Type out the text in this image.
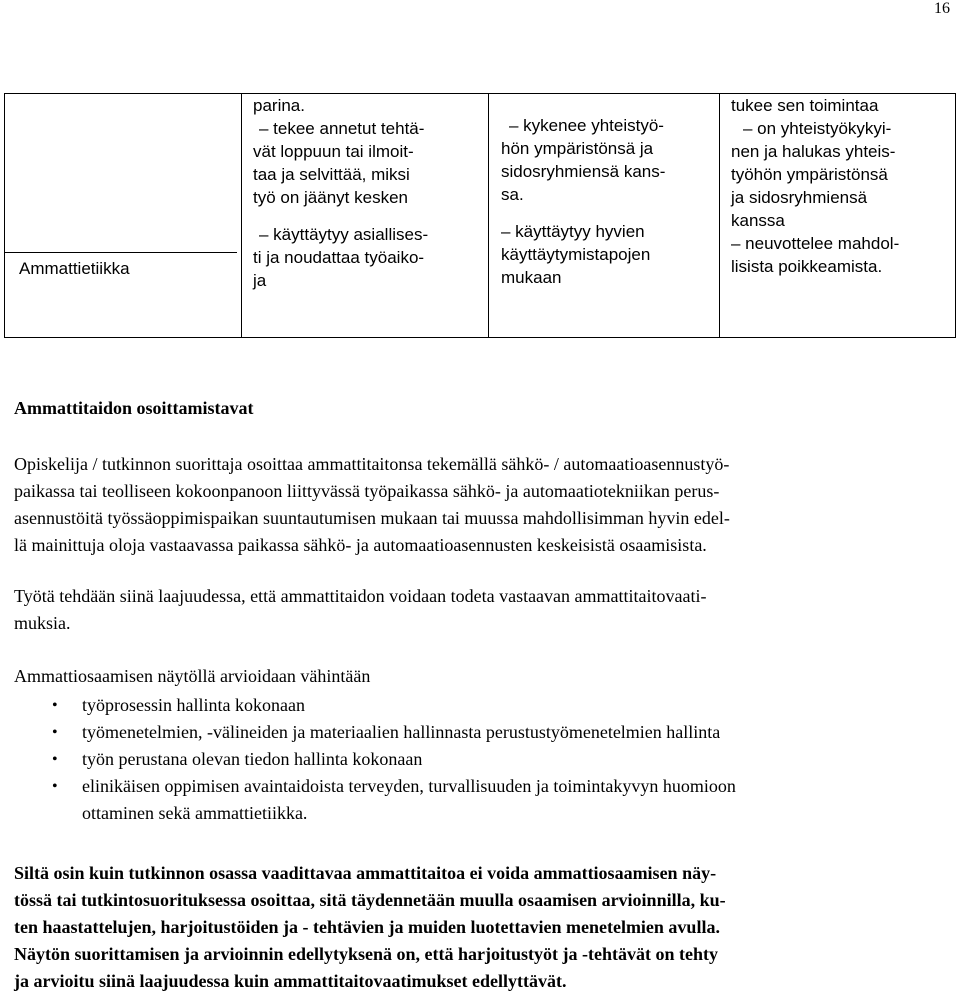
16
Ammattietiikka
parina.
– tekee annetut tehtä-
vät loppuun tai ilmoit-
taa ja selvittää, miksi
työ on jäänyt kesken
– käyttäytyy asiallises-
ti ja noudattaa työaiko-
ja
– kykenee yhteistyö-
hön ympäristönsä ja
sidosryhmiensä kans-
sa.
– käyttäytyy hyvien
käyttäytymistapojen
mukaan
tukee sen toimintaa
– on yhteistyökykyi-
nen ja halukas yhteis-
työhön ympäristönsä
ja sidosryhmiensä
kanssa
– neuvottelee mahdol-
lisista poikkeamista.
Ammattitaidon osoittamistavat
Opiskelija / tutkinnon suorittaja osoittaa ammattitaitonsa tekemällä sähkö- / automaatioasennustyö-
paikassa tai teolliseen kokoonpanoon liittyvässä työpaikassa sähkö- ja automaatiotekniikan perus-
asennustöitä työssäoppimispaikan suuntautumisen mukaan tai muussa mahdollisimman hyvin edel-
lä mainittuja oloja vastaavassa paikassa sähkö- ja automaatioasennusten keskeisistä osaamisista.
Työtä tehdään siinä laajuudessa, että ammattitaidon voidaan todeta vastaavan ammattitaitovaati-
muksia.
Ammattiosaamisen näytöllä arvioidaan vähintään
• työprosessin hallinta kokonaan
• työmenetelmien, -välineiden ja materiaalien hallinnasta perustustyömenetelmien hallinta
• työn perustana olevan tiedon hallinta kokonaan
• elinikäisen oppimisen avaintaidoista terveyden, turvallisuuden ja toimintakyvyn huomioon
ottaminen sekä ammattietiikka.
Siltä osin kuin tutkinnon osassa vaadittavaa ammattitaitoa ei voida ammattiosaamisen näy-
tössä tai tutkintosuorituksessa osoittaa, sitä täydennetään muulla osaamisen arvioinnilla, ku-
ten haastattelujen, harjoitustöiden ja - tehtävien ja muiden luotettavien menetelmien avulla.
Näytön suorittamisen ja arvioinnin edellytyksenä on, että harjoitustyöt ja -tehtävät on tehty
ja arvioitu siinä laajuudessa kuin ammattitaitovaatimukset edellyttävät.
